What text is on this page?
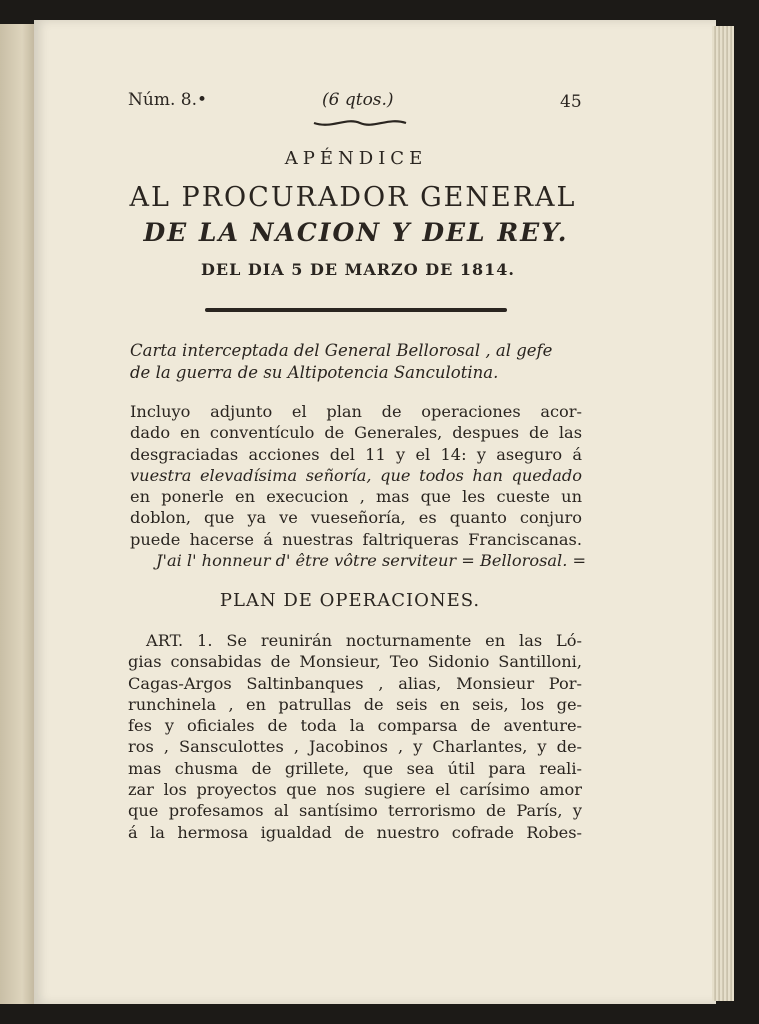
Núm. 8.•	(6 qtos.)	45
APÉNDICE
AL PROCURADOR GENERAL
DE LA NACION Y DEL REY.
DEL DIA 5 DE MARZO DE 1814.
Carta interceptada del General Bellorosal , al gefe
de la guerra de su Altipotencia Sanculotina.
Incluyo adjunto el plan de operaciones acor-
dado en conventículo de Generales, despues de las
desgraciadas acciones del 11 y el 14: y aseguro á
vuestra elevadísima señoría, que todos han quedado
en ponerle en execucion , mas que les cueste un
doblon, que ya ve vueseñoría, es quanto conjuro
puede hacerse á nuestras faltriqueras Franciscanas.
J'ai l' honneur d' être vôtre serviteur = Bellorosal. =
PLAN DE OPERACIONES.
ART. 1. Se reunirán nocturnamente en las Ló-
gias consabidas de Monsieur, Teo Sidonio Santilloni,
Cagas-Argos Saltinbanques , alias, Monsieur Por-
runchinela , en patrullas de seis en seis, los ge-
fes y oficiales de toda la comparsa de aventure-
ros , Sansculottes , Jacobinos , y Charlantes, y de-
mas chusma de grillete, que sea útil para reali-
zar los proyectos que nos sugiere el carísimo amor
que profesamos al santísimo terrorismo de París, y
á la hermosa igualdad de nuestro cofrade Robes-
